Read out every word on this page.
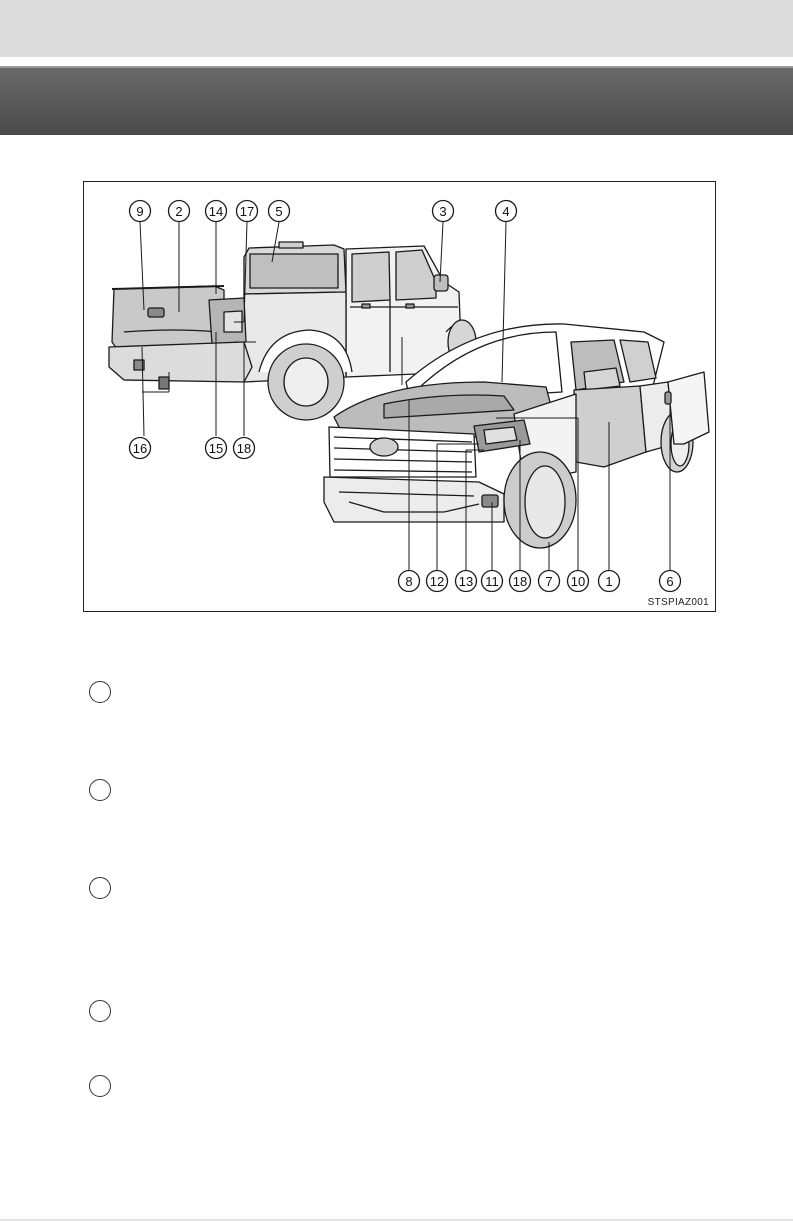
9 2 14 17 5	3	4
16	15 18
8 12 13 11 18 7 10 1	6
STSPIAZ001
